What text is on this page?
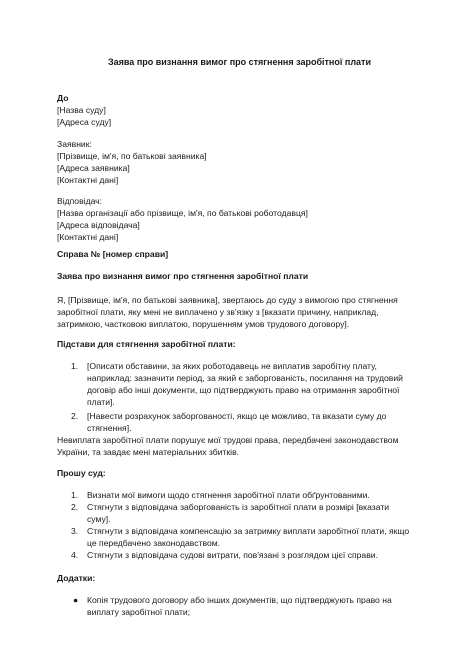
Заява про визнання вимог про стягнення заробітної плати
До
[Назва суду]
[Адреса суду]
Заявник:
[Прізвище, ім'я, по батькові заявника]
[Адреса заявника]
[Контактні дані]
Відповідач:
[Назва організації або прізвище, ім'я, по батькові роботодавця]
[Адреса відповідача]
[Контактні дані]
Справа № [номер справи]
Заява про визнання вимог про стягнення заробітної плати
Я, [Прізвище, ім'я, по батькові заявника], звертаюсь до суду з вимогою про стягнення
заробітної плати, яку мені не виплачено у зв'язку з [вказати причину, наприклад,
затримкою, частковою виплатою, порушенням умов трудового договору].
Підстави для стягнення заробітної плати:
1. [Описати обставини, за яких роботодавець не виплатив заробітну плату,
наприклад: зазначити період, за який є заборгованість, посилання на трудовий
договір або інші документи, що підтверджують право на отримання заробітної
плати].
2. [Навести розрахунок заборгованості, якщо це можливо, та вказати суму до
стягнення].
Невиплата заробітної плати порушує мої трудові права, передбачені законодавством
України, та завдає мені матеріальних збитків.
Прошу суд:
1. Визнати мої вимоги щодо стягнення заробітної плати обґрунтованими.
2. Стягнути з відповідача заборгованість із заробітної плати в розмірі [вказати
суму].
3. Стягнути з відповідача компенсацію за затримку виплати заробітної плати, якщо
це передбачено законодавством.
4. Стягнути з відповідача судові витрати, пов'язані з розглядом цієї справи.
Додатки:
● Копія трудового договору або інших документів, що підтверджують право на
виплату заробітної плати;
